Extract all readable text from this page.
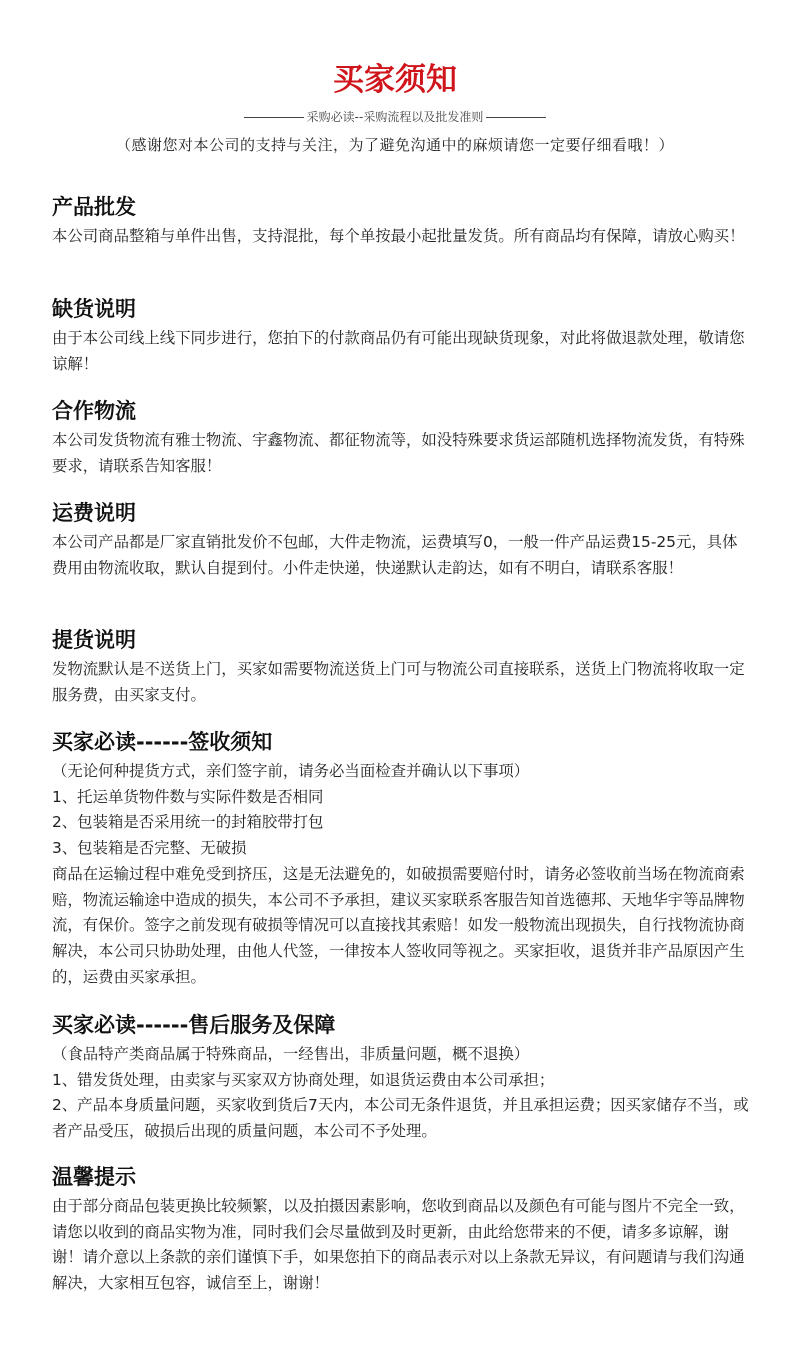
买家须知
采购必读--采购流程以及批发准则
（感谢您对本公司的支持与关注，为了避免沟通中的麻烦请您一定要仔细看哦！）
产品批发

本公司商品整箱与单件出售，支持混批，每个单按最小起批量发货。所有商品均有保障，请放心购买！

缺货说明

由于本公司线上线下同步进行，您拍下的付款商品仍有可能出现缺货现象，对此将做退款处理，敬请您谅解！

合作物流

本公司发货物流有雅士物流、宇鑫物流、都征物流等，如没特殊要求货运部随机选择物流发货，有特殊要求，请联系告知客服！

运费说明

本公司产品都是厂家直销批发价不包邮，大件走物流，运费填写0，一般一件产品运费15-25元，具体费用由物流收取，默认自提到付。小件走快递，快递默认走韵达，如有不明白，请联系客服！

提货说明

发物流默认是不送货上门，买家如需要物流送货上门可与物流公司直接联系，送货上门物流将收取一定服务费，由买家支付。

买家必读------签收须知

（无论何种提货方式，亲们签字前，请务必当面检查并确认以下事项）

1、托运单货物件数与实际件数是否相同

2、包装箱是否采用统一的封箱胶带打包

3、包装箱是否完整、无破损

商品在运输过程中难免受到挤压，这是无法避免的，如破损需要赔付时，请务必签收前当场在物流商索赔，物流运输途中造成的损失，本公司不予承担，建议买家联系客服告知首选德邦、天地华宇等品牌物流，有保价。签字之前发现有破损等情况可以直接找其索赔！如发一般物流出现损失，自行找物流协商解决，本公司只协助处理，由他人代签，一律按本人签收同等视之。买家拒收，退货并非产品原因产生的，运费由买家承担。

买家必读------售后服务及保障

（食品特产类商品属于特殊商品，一经售出，非质量问题，概不退换）

1、错发货处理，由卖家与买家双方协商处理，如退货运费由本公司承担；

2、产品本身质量问题，买家收到货后7天内，本公司无条件退货，并且承担运费；因买家储存不当，或者产品受压，破损后出现的质量问题，本公司不予处理。

温馨提示

由于部分商品包装更换比较频繁，以及拍摄因素影响，您收到商品以及颜色有可能与图片不完全一致，请您以收到的商品实物为准，同时我们会尽量做到及时更新，由此给您带来的不便，请多多谅解，谢谢！请介意以上条款的亲们谨慎下手，如果您拍下的商品表示对以上条款无异议，有问题请与我们沟通解决，大家相互包容，诚信至上，谢谢！
